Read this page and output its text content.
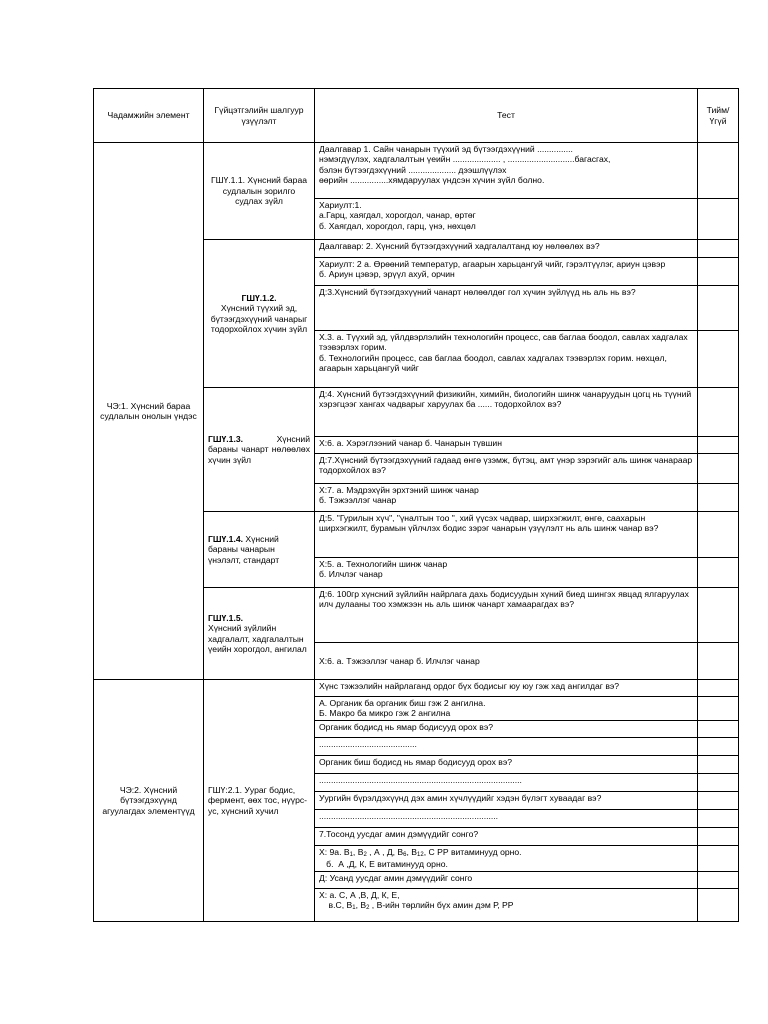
Чадамжийн элемент	Гүйцэтгэлийн шалгуур үзүүлэлт	Тест	Тийм/ Үгүй
ЧЭ:1. Хүнсний бараа судлалын онолын үндэс	ГШҮ.1.1. Хүнсний бараа судлалын зорилго судлах зүйл	Даалгавар 1. Сайн чанарын түүхий эд бүтээгдэхүүний ...............
нэмэгдүүлэх, хадгалалтын үеийн .................... , ............................багасгах,
бэлэн бүтээгдэхүүний .................... дээшлүүлэх
өөрийн ................хямдаруулах үндсэн хүчин зүйл болно.	
		Хариулт:1.
а.Гарц, хаягдал, хорогдол, чанар, өртөг
б. Хаягдал, хорогдол, гарц, үнэ, нөхцөл	

	ГШҮ.1.2.
Хүнсний түүхий эд, бүтээгдэхүүний чанарыг тодорхойлох хүчин зүйл	Даалгавар: 2. Хүнсний бүтээгдэхүүний хадгалалтанд юу нөлөөлөх вэ?	
		Хариулт: 2 а. Өрөөний температур, агаарын харьцангуй чийг, гэрэлтүүлэг, ариун цэвэр
б. Ариун цэвэр, эрүүл ахуй, орчин	
		Д:3.Хүнсний бүтээгдэхүүний чанарт нөлөөлдөг гол хүчин зүйлүүд нь аль нь вэ?	
		Х.3. а. Түүхий эд, үйлдвэрлэлийн технологийн процесс, сав баглаа боодол, савлах хадгалах тээвэрлэх горим.
б. Технологийн процесс, сав баглаа боодол, савлах хадгалах тээвэрлэх горим. нөхцөл, агаарын харьцангуй чийг	
	ГШҮ.1.3. Хүнсний бараны чанарт нөлөөлөх хүчин зүйл	Д:4. Хүнсний бүтээгдэхүүний физикийн, химийн, биологийн шинж чанаруудын цогц нь түүний хэрэгцээг хангах чадварыг харуулах ба ...... тодорхойлох вэ?	
		Х:6. а. Хэрэглээний чанар б. Чанарын түвшин	
		Д:7.Хүнсний бүтээгдэхүүний гадаад өнгө үзэмж, бүтэц, амт үнэр зэрэгийг аль шинж чанараар тодорхойлох вэ?	
		Х:7. а. Мэдрэхүйн эрхтэний шинж чанар
б. Тэжээллэг чанар	
	ГШҮ.1.4. Хүнсний бараны чанарын үнэлэлт, стандарт	Д:5. "Гурилын хүч", "үналтын тоо ", хий үүсэх чадвар, ширхэгжилт, өнгө, саахарын ширхэгжилт, бурамын үйлчлэх бодис зэрэг чанарын үзүүлэлт нь аль шинж чанар вэ?	
		Х:5. а. Технологийн шинж чанар
б. Илчлэг чанар	

	ГШҮ.1.5.
Хүнсний зүйлийн хадгалалт, хадгалалтын үеийн хорогдол, ангилал	Д:6. 100гр хүнсний зүйлийн найрлага дахь бодисуудын хүний биед шингэх явцад ялгаруулах илч дулааны тоо хэмжээн нь аль шинж чанарт хамаарагдах вэ?	
		Х:6. а. Тэжээллэг чанар б. Илчлэг чанар	
ЧЭ:2. Хүнсний бүтээгдэхүүнд агуулагдах элементүүд	ГШҮ:2.1. Уураг бодис, фермент, өөх тос, нүүрс- ус, хүнсний хучил	Хүнс тэжээлийн найрлаганд ордог бүх бодисыг юу юу гэж хад ангилдаг вэ?	
		А. Органик ба органик биш гэж 2 ангилна.
Б. Макро ба микро гэж 2 ангилна	
		Органик бодисд нь ямар бодисууд орох вэ?	
		.........................................	
		Органик биш бодисд нь ямар бодисууд орох вэ?	
		.....................................................................................	
		Уургийн бүрэлдэхүүнд дэх амин хүчлүүдийг хэдэн бүлэгт хуваадаг вэ?	
		...........................................................................	
		7.Тосонд уусдаг амин дэмүүдийг сонго?	

		Х: 9а. В1, В2 , А , Д, В6, В12, С РР витаминууд орно.
б.  А ,Д, К, Е витаминууд орно.	

		Д: Усанд уусдаг амин дэмүүдийг сонго	

		Х: а. С, А ,В, Д, К, Е,
в.С, В1, В2 , В-ийн төрлийн бүх амин дэм Р, РР	
